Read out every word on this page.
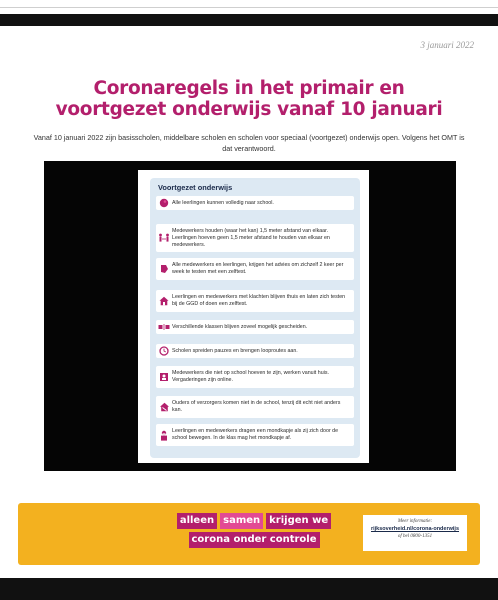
3 januari 2022
Coronaregels in het primair en voortgezet onderwijs vanaf 10 januari

Vanaf 10 januari 2022 zijn basisscholen, middelbare scholen en scholen voor speciaal (voortgezet) onderwijs open. Volgens het OMT is dat verantwoord.

Voortgezet onderwijs
Alle leerlingen kunnen volledig naar school.
Medewerkers houden (waar het kan) 1,5 meter afstand van elkaar. Leerlingen hoeven geen 1,5 meter afstand te houden van elkaar en medewerkers.
Alle medewerkers en leerlingen, krijgen het advies om zichzelf 2 keer per week te testen met een zelftest.
Leerlingen en medewerkers met klachten blijven thuis en laten zich testen bij de GGD of doen een zelftest.
Verschillende klassen blijven zoveel mogelijk gescheiden.
Scholen spreiden pauzes en brengen looproutes aan.
Medewerkers die niet op school hoeven te zijn, werken vanuit huis. Vergaderingen zijn online.
Ouders of verzorgers komen niet in de school, tenzij dit echt niet anders kan.
Leerlingen en medewerkers dragen een mondkapje als zij zich door de school bewegen. In de klas mag het mondkapje af.
alleen samen krijgen we
corona onder controle
Meer informatie:
rijksoverheid.nl/corona-onderwijs
of bel 0800-1351
